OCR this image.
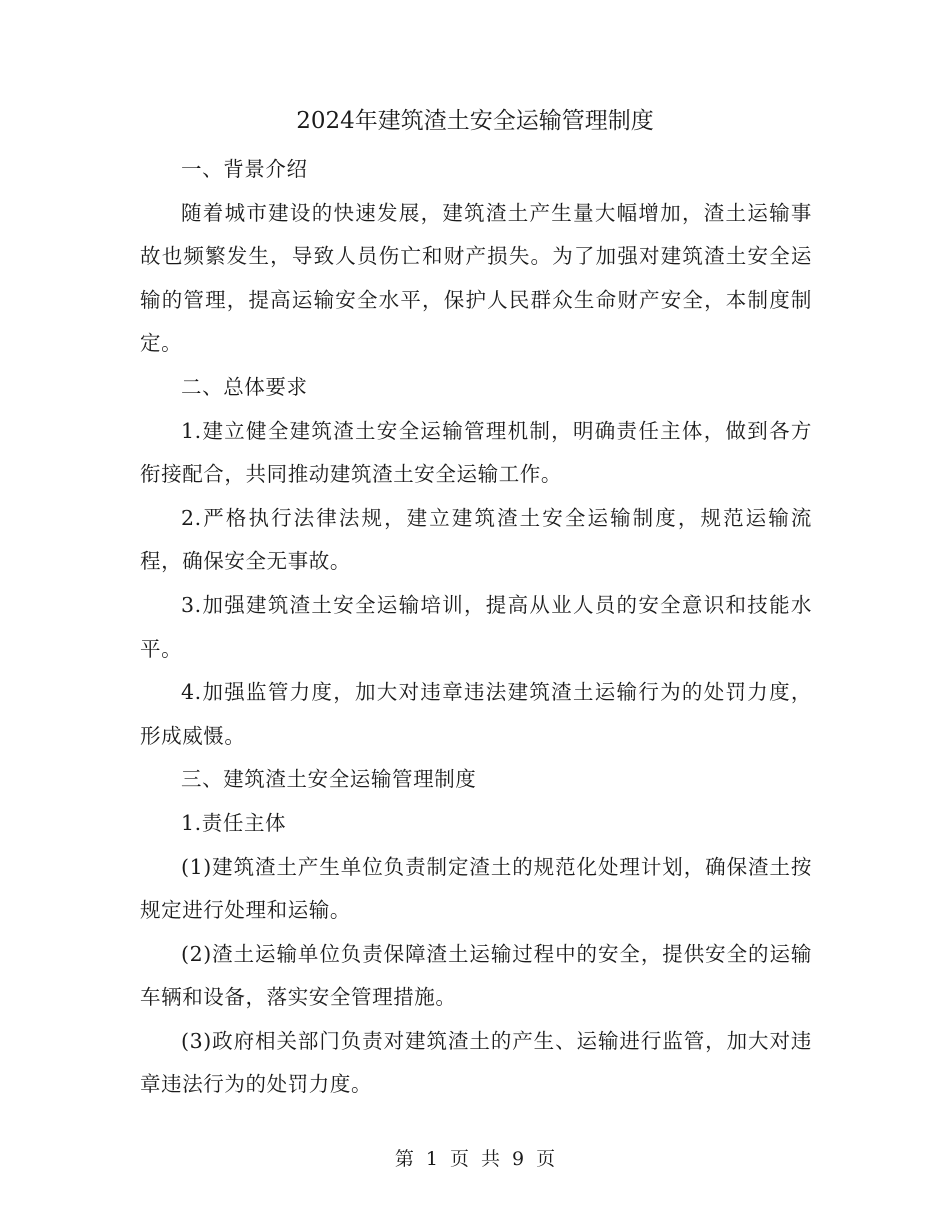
2024年建筑渣土安全运输管理制度

一、背景介绍

随着城市建设的快速发展，建筑渣土产生量大幅增加，渣土运输事故也频繁发生，导致人员伤亡和财产损失。为了加强对建筑渣土安全运输的管理，提高运输安全水平，保护人民群众生命财产安全，本制度制定。

二、总体要求

1.建立健全建筑渣土安全运输管理机制，明确责任主体，做到各方衔接配合，共同推动建筑渣土安全运输工作。

2.严格执行法律法规，建立建筑渣土安全运输制度，规范运输流程，确保安全无事故。

3.加强建筑渣土安全运输培训，提高从业人员的安全意识和技能水平。

4.加强监管力度，加大对违章违法建筑渣土运输行为的处罚力度，形成威慑。

三、建筑渣土安全运输管理制度

1.责任主体

(1)建筑渣土产生单位负责制定渣土的规范化处理计划，确保渣土按规定进行处理和运输。

(2)渣土运输单位负责保障渣土运输过程中的安全，提供安全的运输车辆和设备，落实安全管理措施。

(3)政府相关部门负责对建筑渣土的产生、运输进行监管，加大对违章违法行为的处罚力度。

第 1 页 共 9 页
